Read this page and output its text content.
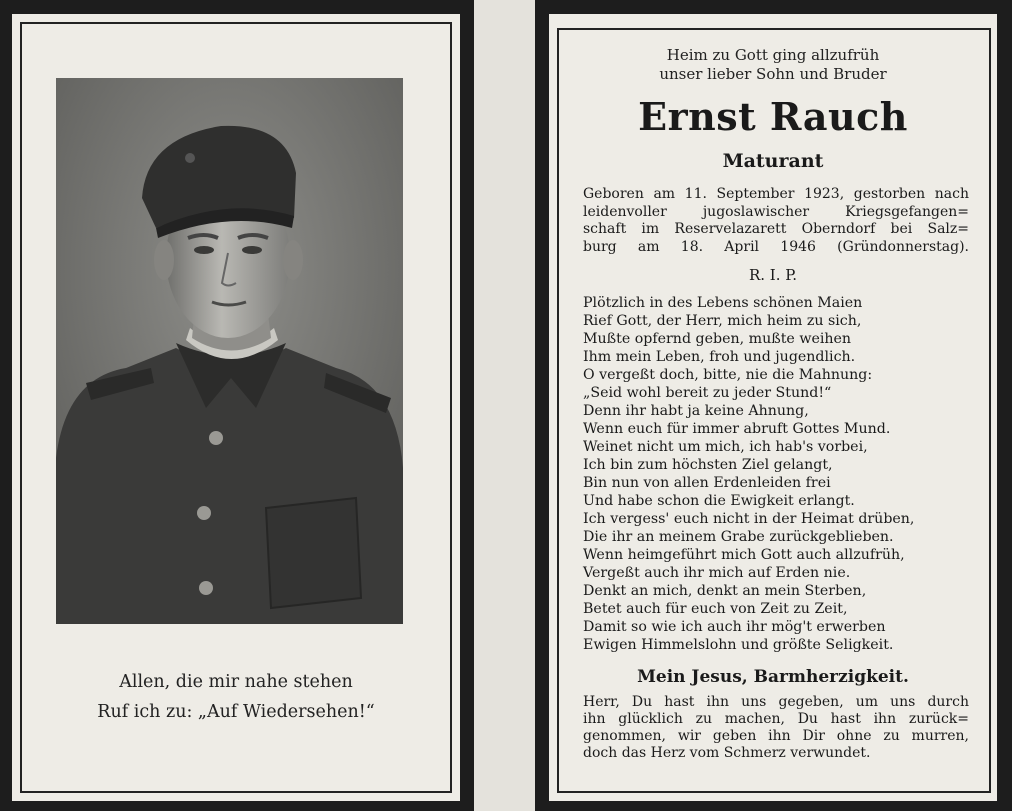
Allen, die mir nahe stehen
Ruf ich zu: „Auf Wiedersehen!“
Heim zu Gott ging allzufrüh
unser lieber Sohn und Bruder
Ernst Rauch
Maturant
Geboren am 11. September 1923, gestorben nach
leidenvoller jugoslawischer Kriegsgefangen=
schaft im Reservelazarett Oberndorf bei Salz=
burg am 18. April 1946 (Gründonnerstag).
R. I. P.
Plötzlich in des Lebens schönen Maien
Rief Gott, der Herr, mich heim zu sich,
Mußte opfernd geben, mußte weihen
Ihm mein Leben, froh und jugendlich.
O vergeßt doch, bitte, nie die Mahnung:
„Seid wohl bereit zu jeder Stund!“
Denn ihr habt ja keine Ahnung,
Wenn euch für immer abruft Gottes Mund.
Weinet nicht um mich, ich hab's vorbei,
Ich bin zum höchsten Ziel gelangt,
Bin nun von allen Erdenleiden frei
Und habe schon die Ewigkeit erlangt.
Ich vergess' euch nicht in der Heimat drüben,
Die ihr an meinem Grabe zurückgeblieben.
Wenn heimgeführt mich Gott auch allzufrüh,
Vergeßt auch ihr mich auf Erden nie.
Denkt an mich, denkt an mein Sterben,
Betet auch für euch von Zeit zu Zeit,
Damit so wie ich auch ihr mög't erwerben
Ewigen Himmelslohn und größte Seligkeit.
Mein Jesus, Barmherzigkeit.
Herr, Du hast ihn uns gegeben, um uns durch
ihn glücklich zu machen, Du hast ihn zurück=
genommen, wir geben ihn Dir ohne zu murren,
doch das Herz vom Schmerz verwundet.
